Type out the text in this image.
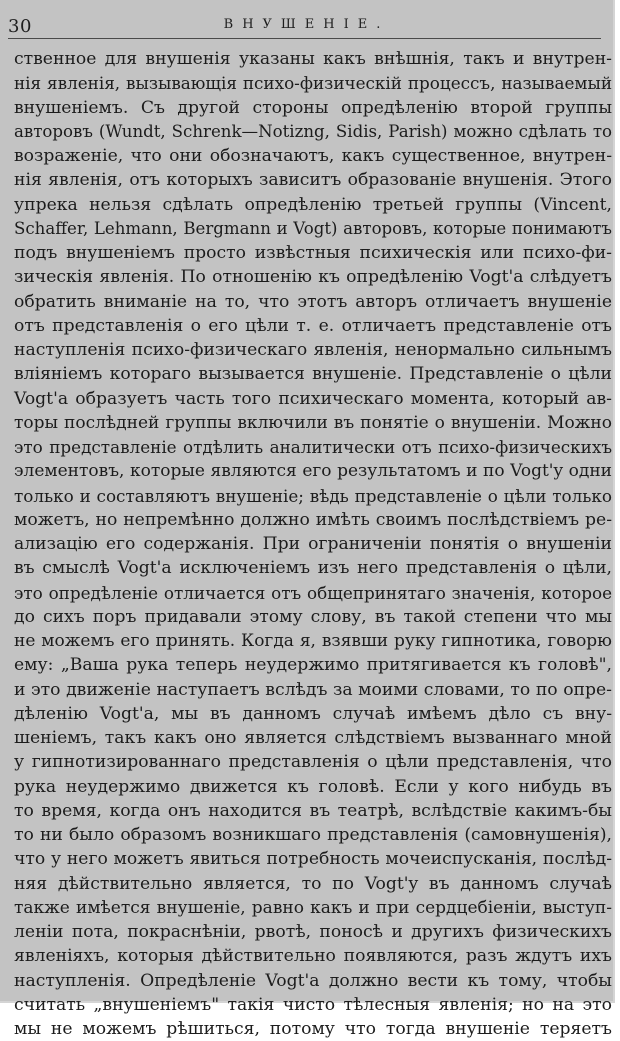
30	ВНУШЕНІЕ.
ственное для внушенія указаны какъ внѣшнія, такъ и внутрен-
нія явленія, вызывающія психо-физическій процессъ, называемый
внушеніемъ. Съ другой стороны опредѣленію второй группы
авторовъ (Wundt, Schrenk—Notizng, Sidis, Parish) можно сдѣлать то
возраженіе, что они обозначаютъ, какъ существенное, внутрен-
нія явленія, отъ которыхъ зависитъ образованіе внушенія. Этого
упрека нельзя сдѣлать опредѣленію третьей группы (Vincent,
Schaffer, Lehmann, Bergmann и Vogt) авторовъ, которые понимаютъ
подъ внушеніемъ просто извѣстныя психическія или психо-фи-
зическія явленія. По отношенію къ опредѣленію Vogt'a слѣдуетъ
обратить вниманіе на то, что этотъ авторъ отличаетъ внушеніе
отъ представленія о его цѣли т. е. отличаетъ представленіе отъ
наступленія психо-физическаго явленія, ненормально сильнымъ
вліяніемъ котораго вызывается внушеніе. Представленіе о цѣли
Vogt'a образуетъ часть того психическаго момента, который ав-
торы послѣдней группы включили въ понятіе о внушеніи. Можно
это представленіе отдѣлить аналитически отъ психо-физическихъ
элементовъ, которые являются его результатомъ и по Vogt'y одни
только и составляютъ внушеніе; вѣдь представленіе о цѣли только
можетъ, но непремѣнно должно имѣть своимъ послѣдствіемъ ре-
ализацію его содержанія. При ограниченіи понятія о внушеніи
въ смыслѣ Vogt'a исключеніемъ изъ него представленія о цѣли,
это опредѣленіе отличается отъ общепринятаго значенія, которое
до сихъ поръ придавали этому слову, въ такой степени что мы
не можемъ его принять. Когда я, взявши руку гипнотика, говорю
ему: „Ваша рука теперь неудержимо притягивается къ головѣ",
и это движеніе наступаетъ вслѣдъ за моими словами, то по опре-
дѣленію Vogt'a, мы въ данномъ случаѣ имѣемъ дѣло съ вну-
шеніемъ, такъ какъ оно является слѣдствіемъ вызваннаго мной
у гипнотизированнаго представленія о цѣли представленія, что
рука неудержимо движется къ головѣ. Если у кого нибудь въ
то время, когда онъ находится въ театрѣ, вслѣдствіе какимъ-бы
то ни было образомъ возникшаго представленія (самовнушенія),
что у него можетъ явиться потребность мочеиспусканія, послѣд-
няя дѣйствительно является, то по Vogt'y въ данномъ случаѣ
также имѣется внушеніе, равно какъ и при сердцебіеніи, выступ-
леніи пота, покраснѣніи, рвотѣ, поносѣ и другихъ физическихъ
явленіяхъ, которыя дѣйствительно появляются, разъ ждутъ ихъ
наступленія. Опредѣленіе Vogt'a должно вести къ тому, чтобы
считать „внушеніемъ" такія чисто тѣлесныя явленія; но на это
мы не можемъ рѣшиться, потому что тогда внушеніе теряетъ
